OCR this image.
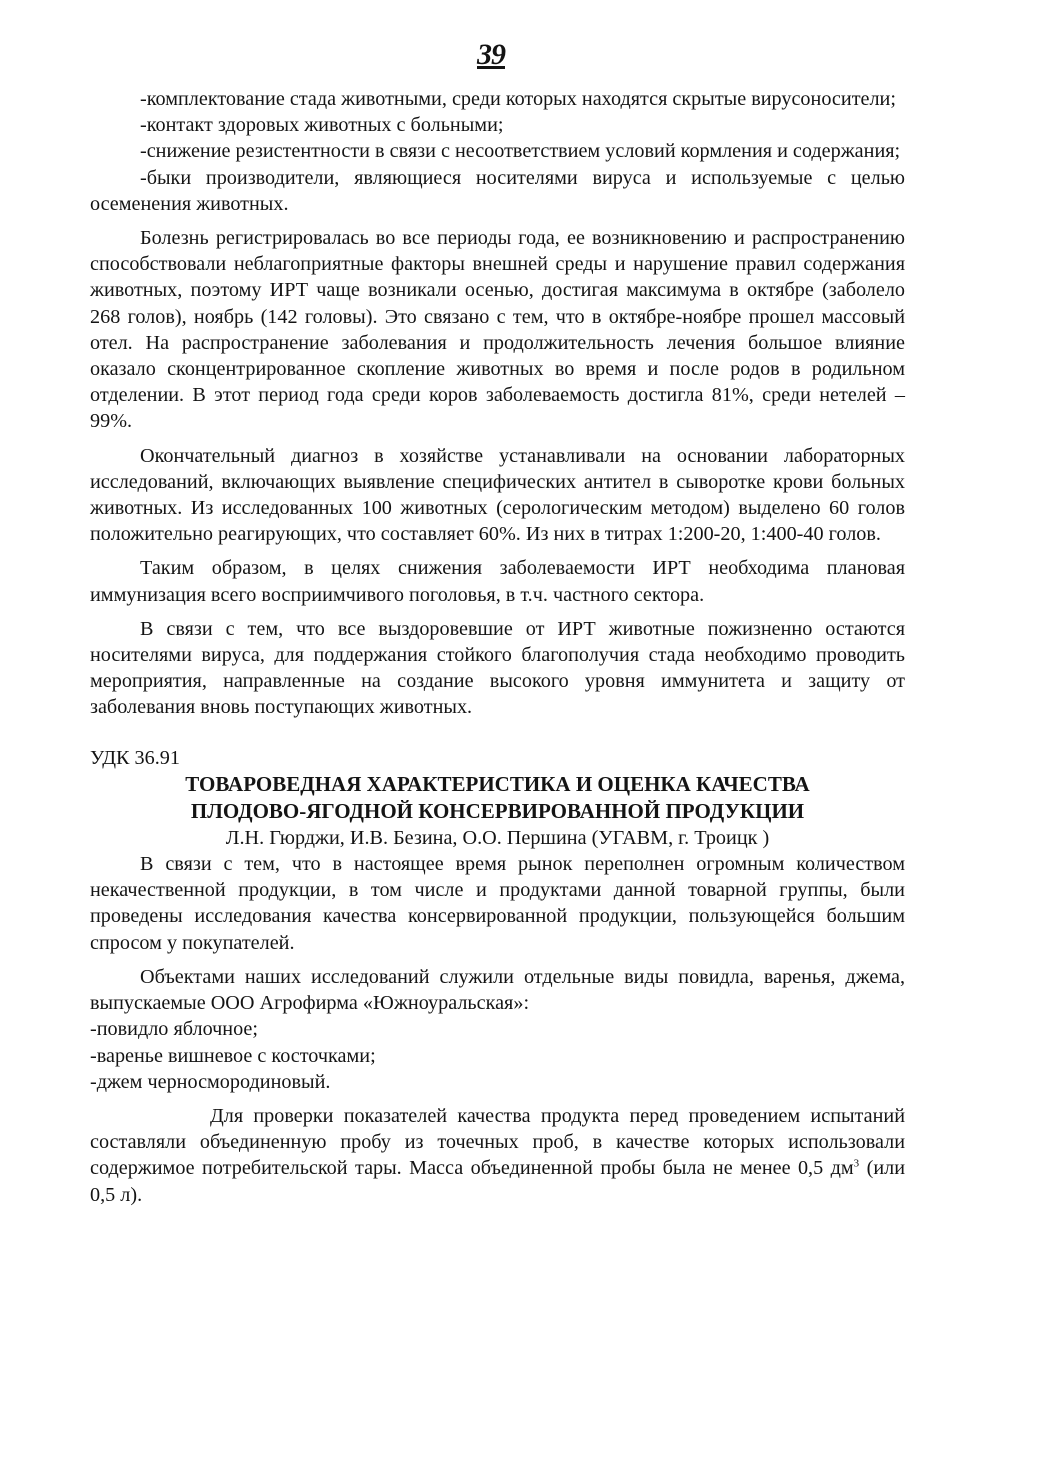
39

-комплектование стада животными, среди которых находятся скрытые вирусоносители;

-контакт здоровых животных с больными;

-снижение резистентности в связи с несоответствием условий кормления и содержания;

-быки производители, являющиеся носителями вируса и используемые с целью осеменения животных.

Болезнь регистрировалась во все периоды года, ее возникновению и распространению способствовали неблагоприятные факторы внешней среды и нарушение правил содержания животных, поэтому ИРТ чаще возникали осенью, достигая максимума в октябре (заболело 268 голов), ноябрь (142 головы). Это связано с тем, что в октябре-ноябре прошел массовый отел. На распространение заболевания и продолжительность лечения большое влияние оказало сконцентрированное скопление животных во время и после родов в родильном отделении. В этот период года среди коров заболеваемость достигла 81%, среди нетелей – 99%.

Окончательный диагноз в хозяйстве устанавливали на основании лабораторных исследований, включающих выявление специфических антител в сыворотке крови больных животных. Из исследованных 100 животных (серологическим методом) выделено 60 голов положительно реагирующих, что составляет 60%. Из них в титрах 1:200-20, 1:400-40 голов.

Таким образом, в целях снижения заболеваемости ИРТ необходима плановая иммунизация всего восприимчивого поголовья, в т.ч. частного сектора.

В связи с тем, что все выздоровевшие от ИРТ животные пожизненно остаются носителями вируса, для поддержания стойкого благополучия стада необходимо проводить мероприятия, направленные на создание высокого уровня иммунитета и защиту от заболевания вновь поступающих животных.

УДК 36.91

ТОВАРОВЕДНАЯ ХАРАКТЕРИСТИКА И ОЦЕНКА КАЧЕСТВА

ПЛОДОВО-ЯГОДНОЙ КОНСЕРВИРОВАННОЙ ПРОДУКЦИИ

Л.Н. Гюрджи, И.В. Безина, О.О. Першина (УГАВМ, г. Троицк )

В связи с тем, что в настоящее время рынок переполнен огромным количеством некачественной продукции, в том числе и продуктами данной товарной группы, были проведены исследования качества консервированной продукции, пользующейся большим спросом у покупателей.

Объектами наших исследований служили отдельные виды повидла, варенья, джема, выпускаемые ООО Агрофирма «Южноуральская»:

-повидло яблочное;

-варенье вишневое с косточками;

-джем черносмородиновый.

Для проверки показателей качества продукта перед проведением испытаний составляли объединенную пробу из точечных проб, в качестве которых использовали содержимое потребительской тары. Масса объединенной пробы была не менее 0,5 $дм^3$ (или 0,5 л).
